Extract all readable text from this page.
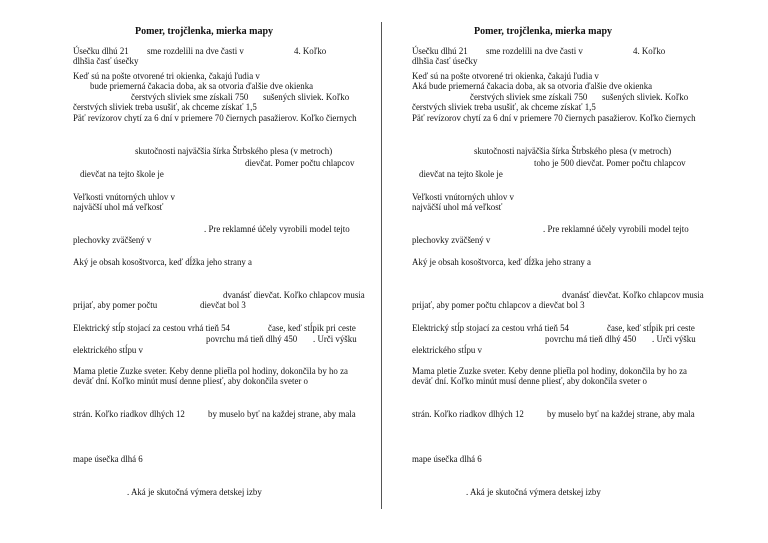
Pomer, trojčlenka, mierka mapy
Úsečku dlhú 21 sme rozdelili na dve časti v	4. Koľko
dlhšia časť úsečky
Keď sú na pošte otvorené tri okienka, čakajú ľudia v
bude priemerná čakacia doba, ak sa otvoria ďalšie dve okienka
čerstvých sliviek sme získali 750 sušených sliviek. Koľko
čerstvých sliviek treba usušiť, ak chceme získať 1,5
Päť revízorov chytí za 6 dní v priemere 70 čiernych pasažierov. Koľko čiernych
skutočnosti najväčšia šírka Štrbského plesa (v metroch)
dievčat. Pomer počtu chlapcov
dievčat na tejto škole je
Veľkosti vnútorných uhlov v
najväčší uhol má veľkosť
. Pre reklamné účely vyrobili model tejto
plechovky zväčšený v
Aký je obsah kosoštvorca, keď dĺžka jeho strany a
dvanásť dievčat. Koľko chlapcov musia
prijať, aby pomer počtu	dievčat bol 3
Elektrický stĺp stojací za cestou vrhá tieň 54	čase, keď stĺpik pri ceste
povrchu má tieň dlhý 450 . Urči výšku
elektrického stĺpu v
Mama pletie Zuzke sveter. Keby denne pliet̄la pol hodiny, dokončila by ho za
deväť dní. Koľko minút musí denne pliesť, aby dokončila sveter o
strán. Koľko riadkov dlhých 12	by muselo byť na každej strane, aby mala
mape úsečka dlhá 6
. Aká je skutočná výmera detskej izby
Pomer, trojčlenka, mierka mapy
Úsečku dlhú 21 sme rozdelili na dve časti v	4. Koľko
dlhšia časť úsečky
Keď sú na pošte otvorené tri okienka, čakajú ľudia v
Aká bude priemerná čakacia doba, ak sa otvoria ďalšie dve okienka
čerstvých sliviek sme získali 750 sušených sliviek. Koľko
čerstvých sliviek treba usušiť, ak chceme získať 1,5
Päť revízorov chytí za 6 dní v priemere 70 čiernych pasažierov. Koľko čiernych
skutočnosti najväčšia šírka Štrbského plesa (v metroch)
toho je 500 dievčat. Pomer počtu chlapcov
dievčat na tejto škole je
Veľkosti vnútorných uhlov v
najväčší uhol má veľkosť
. Pre reklamné účely vyrobili model tejto
plechovky zväčšený v
Aký je obsah kosoštvorca, keď dĺžka jeho strany a
dvanásť dievčat. Koľko chlapcov musia
prijať, aby pomer počtu chlapcov a dievčat bol 3
Elektrický stĺp stojací za cestou vrhá tieň 54	čase, keď stĺpik pri ceste
povrchu má tieň dlhý 450 . Urči výšku
elektrického stĺpu v
Mama pletie Zuzke sveter. Keby denne pliet̄la pol hodiny, dokončila by ho za
deväť dní. Koľko minút musí denne pliesť, aby dokončila sveter o
strán. Koľko riadkov dlhých 12	by muselo byť na každej strane, aby mala
mape úsečka dlhá 6
. Aká je skutočná výmera detskej izby
